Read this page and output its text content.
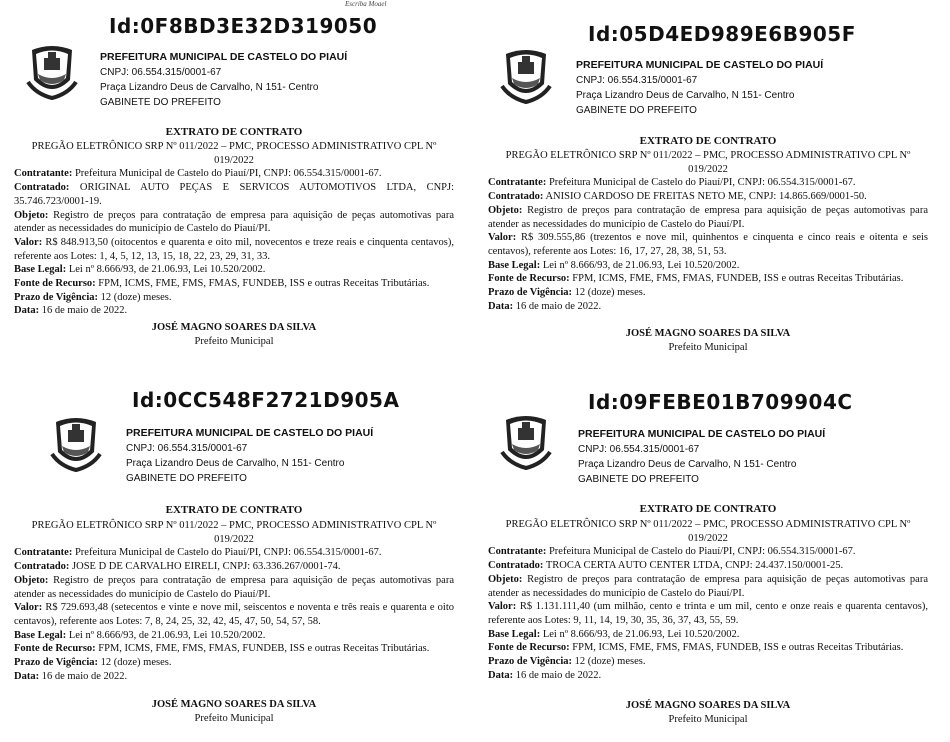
Escriba Moael
Id:0F8BD3E32D319050
PREFEITURA MUNICIPAL DE CASTELO DO PIAUÍ
CNPJ: 06.554.315/0001-67
Praça Lizandro Deus de Carvalho, N 151- Centro
GABINETE DO PREFEITO
EXTRATO DE CONTRATO

PREGÃO ELETRÔNICO SRP Nº 011/2022 – PMC, PROCESSO ADMINISTRATIVO CPL Nº 019/2022

Contratante: Prefeitura Municipal de Castelo do Piauí/PI, CNPJ: 06.554.315/0001-67.

Contratado: ORIGINAL AUTO PEÇAS E SERVICOS AUTOMOTIVOS LTDA, CNPJ: 35.746.723/0001-19.

Objeto: Registro de preços para contratação de empresa para aquisição de peças automotivas para atender as necessidades do município de Castelo do Piauí/PI.

Valor: R$ 848.913,50 (oitocentos e quarenta e oito mil, novecentos e treze reais e cinquenta centavos), referente aos Lotes: 1, 4, 5, 12, 13, 15, 18, 22, 23, 29, 31, 33.

Base Legal: Lei nº 8.666/93, de 21.06.93, Lei 10.520/2002.

Fonte de Recurso: FPM, ICMS, FME, FMS, FMAS, FUNDEB, ISS e outras Receitas Tributárias.

Prazo de Vigência: 12 (doze) meses.

Data: 16 de maio de 2022.

JOSÉ MAGNO SOARES DA SILVA
Prefeito Municipal
Id:05D4ED989E6B905F
PREFEITURA MUNICIPAL DE CASTELO DO PIAUÍ
CNPJ: 06.554.315/0001-67
Praça Lizandro Deus de Carvalho, N 151- Centro
GABINETE DO PREFEITO
EXTRATO DE CONTRATO

PREGÃO ELETRÔNICO SRP Nº 011/2022 – PMC, PROCESSO ADMINISTRATIVO CPL Nº 019/2022

Contratante: Prefeitura Municipal de Castelo do Piauí/PI, CNPJ: 06.554.315/0001-67.

Contratado: ANISIO CARDOSO DE FREITAS NETO ME, CNPJ: 14.865.669/0001-50.

Objeto: Registro de preços para contratação de empresa para aquisição de peças automotivas para atender as necessidades do município de Castelo do Piauí/PI.

Valor: R$ 309.555,86 (trezentos e nove mil, quinhentos e cinquenta e cinco reais e oitenta e seis centavos), referente aos Lotes: 16, 17, 27, 28, 38, 51, 53.

Base Legal: Lei nº 8.666/93, de 21.06.93, Lei 10.520/2002.

Fonte de Recurso: FPM, ICMS, FME, FMS, FMAS, FUNDEB, ISS e outras Receitas Tributárias.

Prazo de Vigência: 12 (doze) meses.

Data: 16 de maio de 2022.

JOSÉ MAGNO SOARES DA SILVA
Prefeito Municipal
Id:0CC548F2721D905A
PREFEITURA MUNICIPAL DE CASTELO DO PIAUÍ
CNPJ: 06.554.315/0001-67
Praça Lizandro Deus de Carvalho, N 151- Centro
GABINETE DO PREFEITO
EXTRATO DE CONTRATO

PREGÃO ELETRÔNICO SRP Nº 011/2022 – PMC, PROCESSO ADMINISTRATIVO CPL Nº 019/2022

Contratante: Prefeitura Municipal de Castelo do Piauí/PI, CNPJ: 06.554.315/0001-67.

Contratado: JOSE D DE CARVALHO EIRELI, CNPJ: 63.336.267/0001-74.

Objeto: Registro de preços para contratação de empresa para aquisição de peças automotivas para atender as necessidades do município de Castelo do Piauí/PI.

Valor: R$ 729.693,48 (setecentos e vinte e nove mil, seiscentos e noventa e três reais e quarenta e oito centavos), referente aos Lotes: 7, 8, 24, 25, 32, 42, 45, 47, 50, 54, 57, 58.

Base Legal: Lei nº 8.666/93, de 21.06.93, Lei 10.520/2002.

Fonte de Recurso: FPM, ICMS, FME, FMS, FMAS, FUNDEB, ISS e outras Receitas Tributárias.

Prazo de Vigência: 12 (doze) meses.

Data: 16 de maio de 2022.

JOSÉ MAGNO SOARES DA SILVA
Prefeito Municipal
Id:09FEBE01B709904C
PREFEITURA MUNICIPAL DE CASTELO DO PIAUÍ
CNPJ: 06.554.315/0001-67
Praça Lizandro Deus de Carvalho, N 151- Centro
GABINETE DO PREFEITO
EXTRATO DE CONTRATO

PREGÃO ELETRÔNICO SRP Nº 011/2022 – PMC, PROCESSO ADMINISTRATIVO CPL Nº 019/2022

Contratante: Prefeitura Municipal de Castelo do Piauí/PI, CNPJ: 06.554.315/0001-67.

Contratado: TROCA CERTA AUTO CENTER LTDA, CNPJ: 24.437.150/0001-25.

Objeto: Registro de preços para contratação de empresa para aquisição de peças automotivas para atender as necessidades do município de Castelo do Piauí/PI.

Valor: R$ 1.131.111,40 (um milhão, cento e trinta e um mil, cento e onze reais e quarenta centavos), referente aos Lotes: 9, 11, 14, 19, 30, 35, 36, 37, 43, 55, 59.

Base Legal: Lei nº 8.666/93, de 21.06.93, Lei 10.520/2002.

Fonte de Recurso: FPM, ICMS, FME, FMS, FMAS, FUNDEB, ISS e outras Receitas Tributárias.

Prazo de Vigência: 12 (doze) meses.

Data: 16 de maio de 2022.

JOSÉ MAGNO SOARES DA SILVA
Prefeito Municipal
